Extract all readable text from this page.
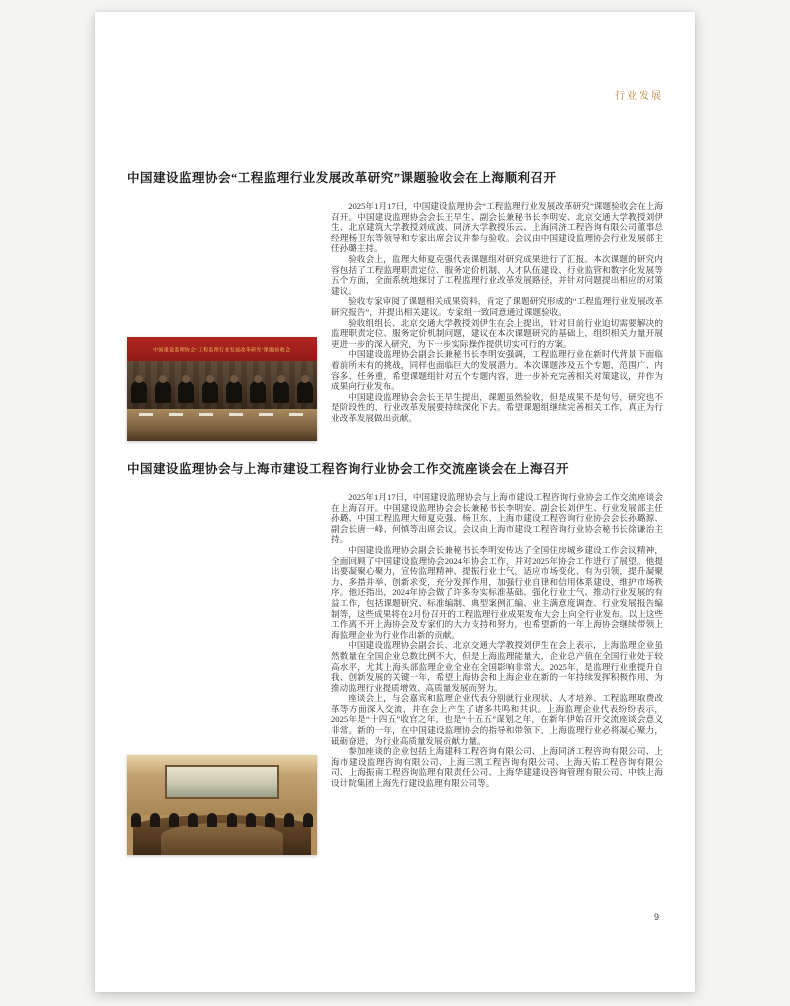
行业发展
中国建设监理协会“工程监理行业发展改革研究”课题验收会在上海顺利召开
中国建设监理协会“工程监理行业发展改革研究”课题验收会

2025年1月17日，中国建设监理协会“工程监理行业发展改革研究”课题验收会在上海召开。中国建设监理协会会长王早生、副会长兼秘书长李明安、北京交通大学教授刘伊生、北京建筑大学教授刘成波、同济大学教授乐云、上海同济工程咨询有限公司董事总经理杨卫东等领导和专家出席会议并参与验收。会议由中国建设监理协会行业发展部主任孙璐主持。

验收会上，监理大师夏克强代表课题组对研究成果进行了汇报。本次课题的研究内容包括了工程监理职责定位、服务定价机制、人才队伍建设、行业监管和数字化发展等五个方面，全面系统地探讨了工程监理行业改革发展路径，并针对问题提出相应的对策建议。

验收专家审阅了课题相关成果资料，肯定了课题研究形成的“工程监理行业发展改革研究报告”，并提出相关建议。专家组一致同意通过课题验收。

验收组组长、北京交通大学教授刘伊生在会上提出，针对目前行业迫切需要解决的监理职责定位、服务定价机制问题，建议在本次课题研究的基础上，组织相关力量开展更进一步的深入研究，为下一步实际操作提供切实可行的方案。

中国建设监理协会副会长兼秘书长李明安强调，工程监理行业在新时代背景下面临着前所未有的挑战，同样也面临巨大的发展潜力。本次课题涉及五个专题，范围广、内容多、任务重，希望课题组针对五个专题内容，进一步补充完善相关对策建议，并作为成果向行业发布。

中国建设监理协会会长王早生提出，课题虽然验收，但是成果不是句号，研究也不是阶段性的，行业改革发展要持续深化下去。希望课题组继续完善相关工作，真正为行业改革发展做出贡献。

中国建设监理协会与上海市建设工程咨询行业协会工作交流座谈会在上海召开

2025年1月17日，中国建设监理协会与上海市建设工程咨询行业协会工作交流座谈会在上海召开。中国建设监理协会会长兼秘书长李明安、副会长刘伊生、行业发展部主任孙璐、中国工程监理大师夏克强、杨卫东、上海市建设工程咨询行业协会会长孙璐源、副会长唐一峰、何慎等出席会议。会议由上海市建设工程咨询行业协会秘书长徐谦治主持。

中国建设监理协会副会长兼秘书长李明安传达了全国住房城乡建设工作会议精神，全面回顾了中国建设监理协会2024年协会工作，并对2025年协会工作进行了展望。他提出要凝聚心聚力，宣传监理精神、提振行业士气，适应市场变化、有为引领，提升凝聚力、多措并举、创新求变，充分发挥作用，加强行业自律和信用体系建设，维护市场秩序。他还指出，2024年协会做了许多夯实标准基础、强化行业士气、推动行业发展的有益工作，包括课题研究、标准编制、典型案例汇编、业主满意度调查、行业发展报告编制等，这些成果将在2月份召开的工程监理行业成果发布大会上向全行业发布。以上这些工作离不开上海协会及专家们的大力支持和努力，也希望新的一年上海协会继续带领上海监理企业为行业作出新的贡献。

中国建设监理协会副会长、北京交通大学教授刘伊生在会上表示，上海监理企业虽然数量在全国企业总数比例不大，但是上海监理能量大，企业总产值在全国行业处于较高水平，尤其上海头部监理企业全业在全国影响非常大。2025年，是监理行业重提升自我、创新发展的关键一年，希望上海协会和上海企业在新的一年持续发挥积极作用，为推动监理行业提质增效、高质量发展而努力。

座谈会上，与会嘉宾和监理企业代表分别就行业现状、人才培养、工程监理取费改革等方面深入交流，并在会上产生了诸多共鸣和共识。上海监理企业代表纷纷表示，2025年是“十四五”收官之年，也是“十五五”谋划之年，在新年伊始召开交流座谈会意义非常。新的一年，在中国建设监理协会的指导和带领下，上海监理行业必将凝心聚力，砥砺奋进，为行业高质量发展贡献力量。

参加座谈的企业包括上海建科工程咨询有限公司、上海同济工程咨询有限公司、上海市建设监理咨询有限公司、上海三凯工程咨询有限公司、上海天佑工程咨询有限公司、上海振南工程咨询监理有限责任公司、上海华建建设咨询管理有限公司、中铁上海设计院集团上海先行建设监理有限公司等。

9
